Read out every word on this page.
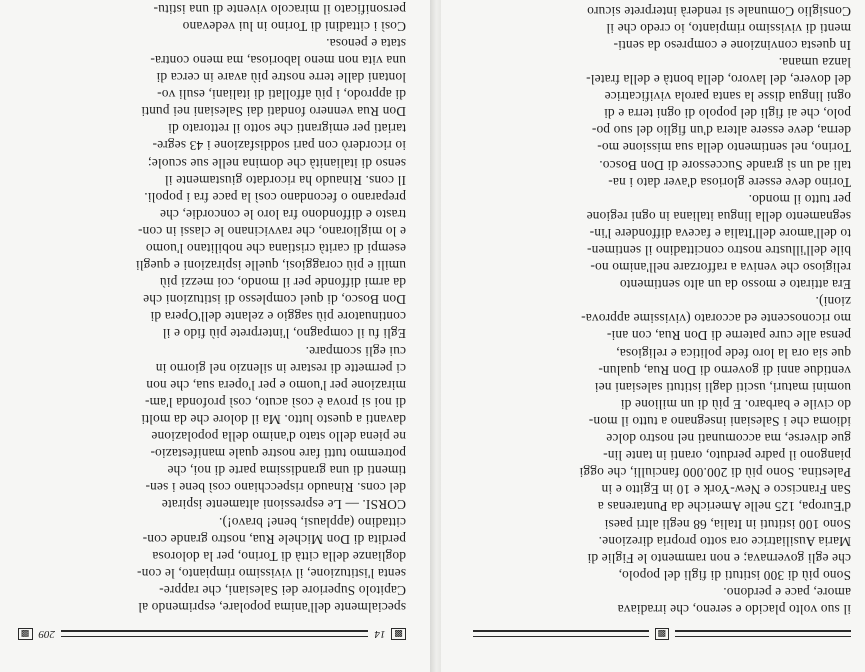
▩
14
209
▩
specialmente dell'anima popolare, esprimendo al
Capitolo Superiore dei Salesiani, che rappre-
senta l'istituzione, il vivissimo rimpianto, le con-
doglianze della città di Torino, per la dolorosa
perdita di Don Michele Rua, nostro grande con-
cittadino (applausi, bene! bravo!).
CORSI. — Le espressioni altamente ispirate
del cons. Rinaudo rispecchiano così bene i sen-
timenti di una grandissima parte di noi, che
potremmo tutti fare nostre quale manifestazio-
ne piena dello stato d'animo della popolazione
davanti a questo lutto. Ma il dolore che da molti
di noi si prova è così acuto, così profonda l'am-
mirazione per l'uomo e per l'opera sua, che non
ci permette di restare in silenzio nel giorno in
cui egli scompare.
Egli fu il compagno, l'interprete più fido e il
continuatore più saggio e zelante dell'Opera di
Don Bosco, di quel complesso di istituzioni che
da armi diffonde per il mondo, coi mezzi più
umili e più coraggiosi, quelle ispirazioni e quegli
esempi di carità cristiana che nobilitano l'uomo
e lo migliorano, che ravvicinano le classi in con-
trasto e diffondono fra loro le concordie, che
preparano o fecondano così la pace fra i popoli.
Il cons. Rinaudo ha ricordato giustamente il
senso di italianità che domina nelle sue scuole;
io ricorderò con pari soddisfazione i 43 segre-
tariati per emigranti che sotto il rettorato di
Don Rua vennero fondati dai Salesiani nei punti
di approdo, i più affollati di italiani, esuli vo-
lontani dalle terre nostre più avare in cerca di
una vita non meno laboriosa, ma meno contra-
stata e penosa.
Così i cittadini di Torino in lui vedevano
personificato il miracolo vivente di una istitu-
▩
il suo volto placido e sereno, che irradiava
amore, pace e perdono.
Sono più di 300 istituti di figli del popolo,
che egli governava; e non rammento le Figlie di
Maria Ausiliatrice ora sotto propria direzione.
Sono 100 istituti in Italia, 68 negli altri paesi
d'Europa, 125 nelle Americhe da Puntarenas a
San Francisco e New-York e 10 in Egitto e in
Palestina. Sono più di 200.000 fanciulli, che oggi
piangono il padre perduto, oranti in tante lin-
gue diverse, ma accomunati nel nostro dolce
idioma che i Salesiani insegnano a tutto il mon-
do civile e barbaro. E più di un milione di
uomini maturi, usciti dagli istituti salesiani nei
ventidue anni di governo di Don Rua, qualun-
que sia ora la loro fede politica e religiosa,
pensa alle cure paterne di Don Rua, con ani-
mo riconoscente ed accorato (vivissime approva-
zioni).
Era attirato e mosso da un alto sentimento
religioso che veniva a rafforzare nell'animo no-
bile dell'illustre nostro concittadino il sentimen-
to dell'amore dell'Italia e faceva diffondere l'in-
segnamento della lingua italiana in ogni regione
per tutto il mondo.
Torino deve essere gloriosa d'aver dato i na-
tali ad un sì grande Successore di Don Bosco.
Torino, nel sentimento della sua missione mo-
derna, deve essere altera d'un figlio del suo po-
polo, che ai figli del popolo di ogni terra e di
ogni lingua disse la santa parola vivificatrice
del dovere, del lavoro, della bontà e della fratel-
lanza umana.
In questa convinzione e compreso da senti-
menti di vivissimo rimpianto, io credo che il
Consiglio Comunale si renderà interprete sicuro
